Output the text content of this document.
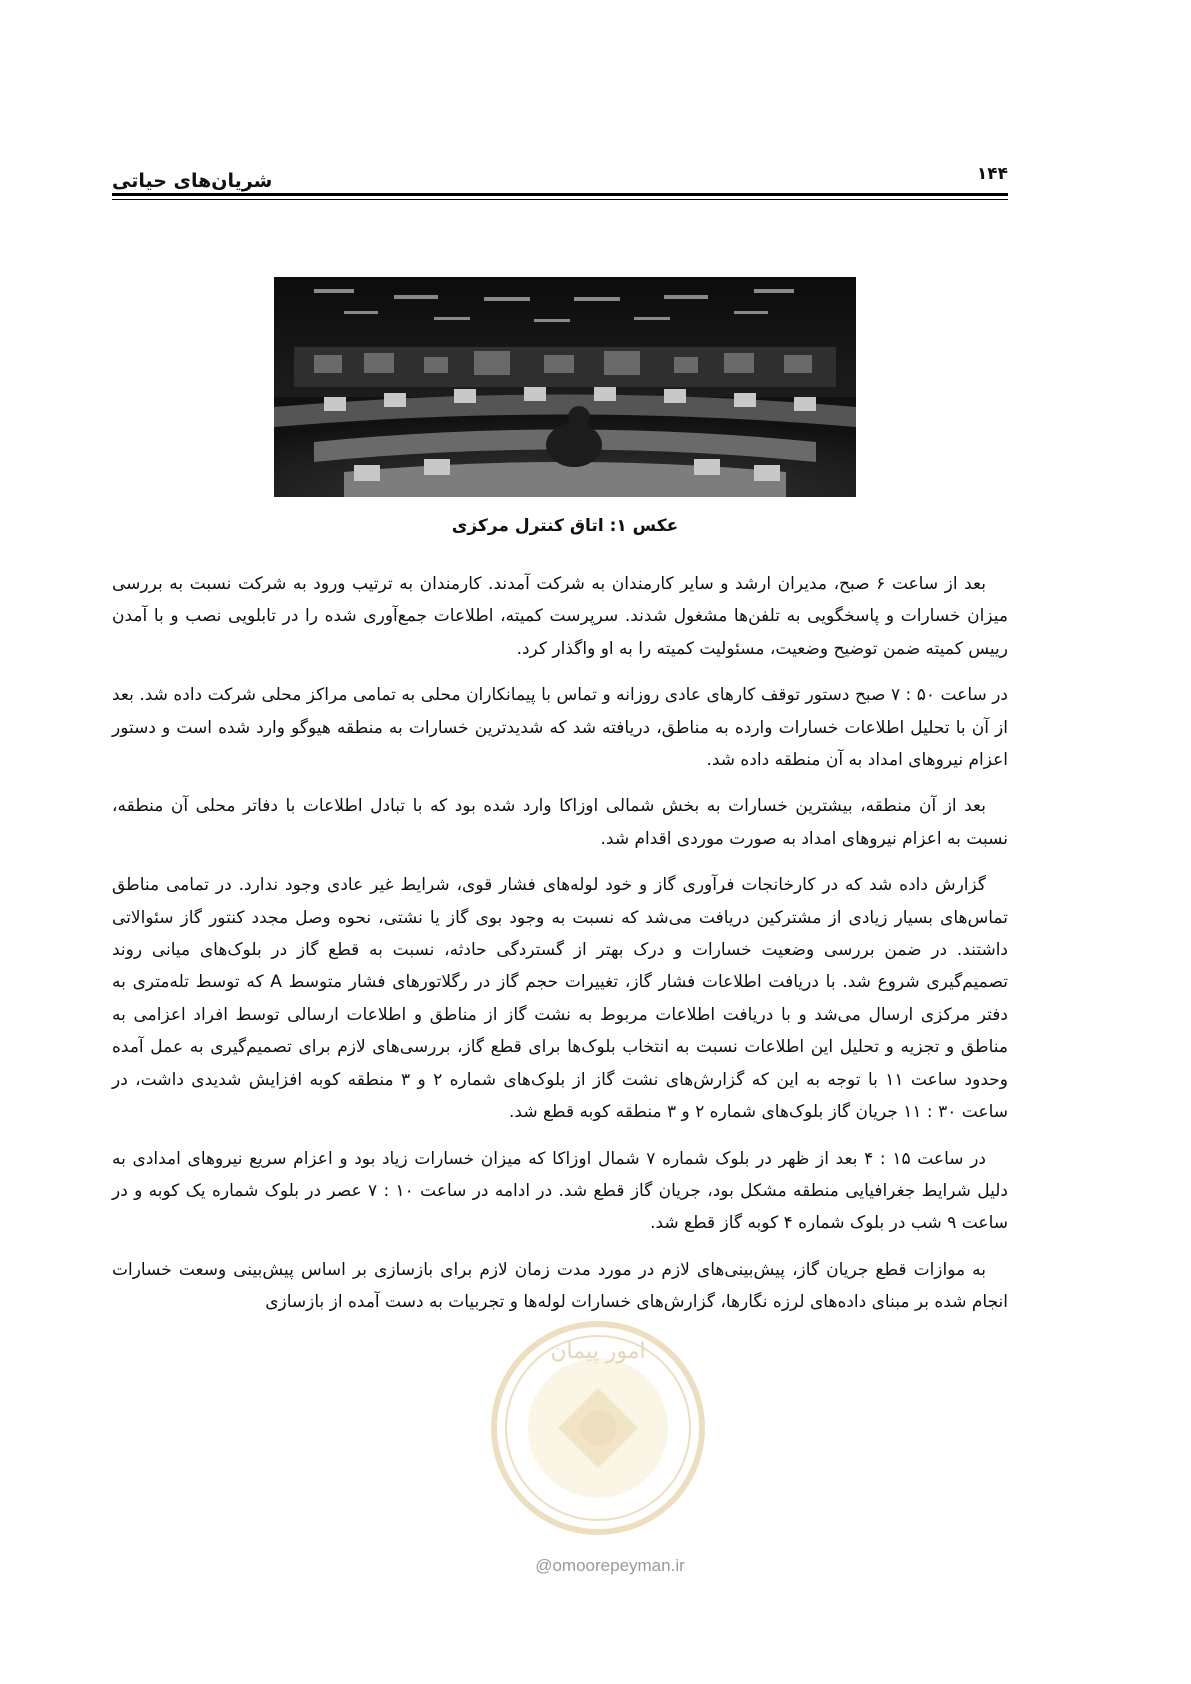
شریان‌های حیاتی	۱۴۴
عکس ۱: اتاق کنترل مرکزی

بعد از ساعت ۶ صبح، مدیران ارشد و سایر کارمندان به شرکت آمدند. کارمندان به ترتیب ورود به شرکت نسبت به بررسی میزان خسارات و پاسخگویی به تلفن‌ها مشغول شدند. سرپرست کمیته، اطلاعات جمع‌آوری شده را در تابلویی نصب و با آمدن رییس کمیته ضمن توضیح وضعیت، مسئولیت کمیته را به او واگذار کرد.

در ساعت ۵۰ : ۷ صبح دستور توقف کارهای عادی روزانه و تماس با پیمانکاران محلی به تمامی مراکز محلی شرکت داده شد. بعد از آن با تحلیل اطلاعات خسارات وارده به مناطق، دریافته شد که شدیدترین خسارات به منطقه هیوگو وارد شده است و دستور اعزام نیروهای امداد به آن منطقه داده شد.

بعد از آن منطقه، بیشترین خسارات به بخش شمالی اوزاکا وارد شده بود که با تبادل اطلاعات با دفاتر محلی آن منطقه، نسبت به اعزام نیروهای امداد به صورت موردی اقدام شد.

گزارش داده شد که در کارخانجات فرآوری گاز و خود لوله‌های فشار قوی، شرایط غیر عادی وجود ندارد. در تمامی مناطق تماس‌های بسیار زیادی از مشترکین دریافت می‌شد که نسبت به وجود بوی گاز یا نشتی، نحوه وصل مجدد کنتور گاز سئوالاتی داشتند. در ضمن بررسی وضعیت خسارات و درک بهتر از گستردگی حادثه، نسبت به قطع گاز در بلوک‌های میانی روند تصمیم‌گیری شروع شد. با دریافت اطلاعات فشار گاز، تغییرات حجم گاز در رگلاتورهای فشار متوسط A که توسط تله‌متری به دفتر مرکزی ارسال می‌شد و با دریافت اطلاعات مربوط به نشت گاز از مناطق و اطلاعات ارسالی توسط افراد اعزامی به مناطق و تجزیه و تحلیل این اطلاعات نسبت به انتخاب بلوک‌ها برای قطع گاز، بررسی‌های لازم برای تصمیم‌گیری به عمل آمده وحدود ساعت ۱۱ با توجه به این که گزارش‌های نشت گاز از بلوک‌های شماره ۲ و ۳ منطقه کوبه افزایش شدیدی داشت، در ساعت ۳۰ : ۱۱ جریان گاز بلوک‌های شماره ۲ و ۳ منطقه کوبه قطع شد.

در ساعت ۱۵ : ۴ بعد از ظهر در بلوک شماره ۷ شمال اوزاکا که میزان خسارات زیاد بود و اعزام سریع نیروهای امدادی به دلیل شرایط جغرافیایی منطقه مشکل بود، جریان گاز قطع شد. در ادامه در ساعت ۱۰ : ۷ عصر در بلوک شماره یک کوبه و در ساعت ۹ شب در بلوک شماره ۴ کوبه گاز قطع شد.

به موازات قطع جریان گاز، پیش‌بینی‌های لازم در مورد مدت زمان لازم برای بازسازی بر اساس پیش‌بینی وسعت خسارات انجام شده بر مبنای داده‌های لرزه نگارها، گزارش‌های خسارات لوله‌ها و تجربیات به دست آمده از بازسازی

امور پیمان
@omoorepeyman.ir
